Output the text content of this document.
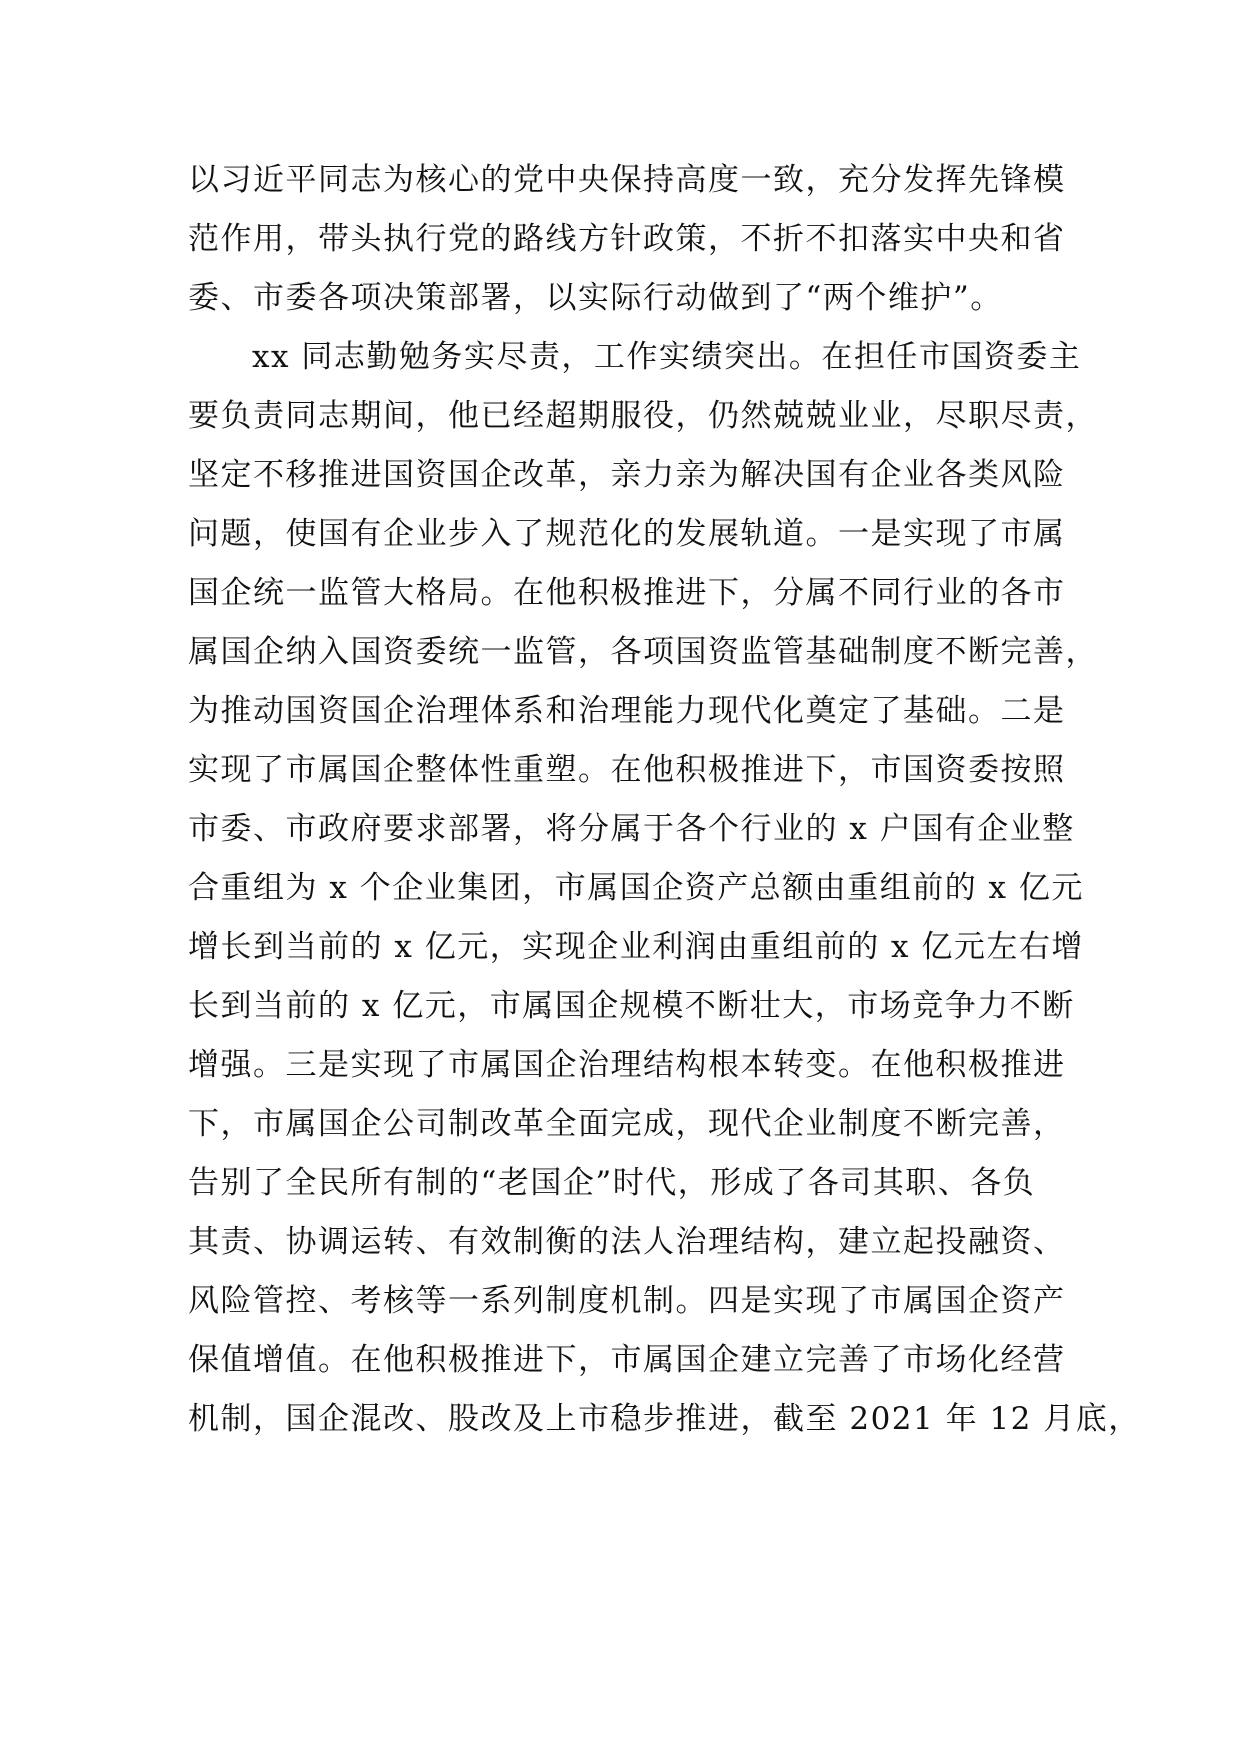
以习近平同志为核心的党中央保持高度一致，充分发挥先锋模
范作用，带头执行党的路线方针政策，不折不扣落实中央和省
委、市委各项决策部署，以实际行动做到了“两个维护”。
xx 同志勤勉务实尽责，工作实绩突出。在担任市国资委主
要负责同志期间，他已经超期服役，仍然兢兢业业，尽职尽责，
坚定不移推进国资国企改革，亲力亲为解决国有企业各类风险
问题，使国有企业步入了规范化的发展轨道。一是实现了市属
国企统一监管大格局。在他积极推进下，分属不同行业的各市
属国企纳入国资委统一监管，各项国资监管基础制度不断完善，
为推动国资国企治理体系和治理能力现代化奠定了基础。二是
实现了市属国企整体性重塑。在他积极推进下，市国资委按照
市委、市政府要求部署，将分属于各个行业的 x 户国有企业整
合重组为 x 个企业集团，市属国企资产总额由重组前的 x 亿元
增长到当前的 x 亿元，实现企业利润由重组前的 x 亿元左右增
长到当前的 x 亿元，市属国企规模不断壮大，市场竞争力不断
增强。三是实现了市属国企治理结构根本转变。在他积极推进
下，市属国企公司制改革全面完成，现代企业制度不断完善，
告别了全民所有制的“老国企”时代，形成了各司其职、各负
其责、协调运转、有效制衡的法人治理结构，建立起投融资、
风险管控、考核等一系列制度机制。四是实现了市属国企资产
保值增值。在他积极推进下，市属国企建立完善了市场化经营
机制，国企混改、股改及上市稳步推进，截至 2021 年 12 月底，
